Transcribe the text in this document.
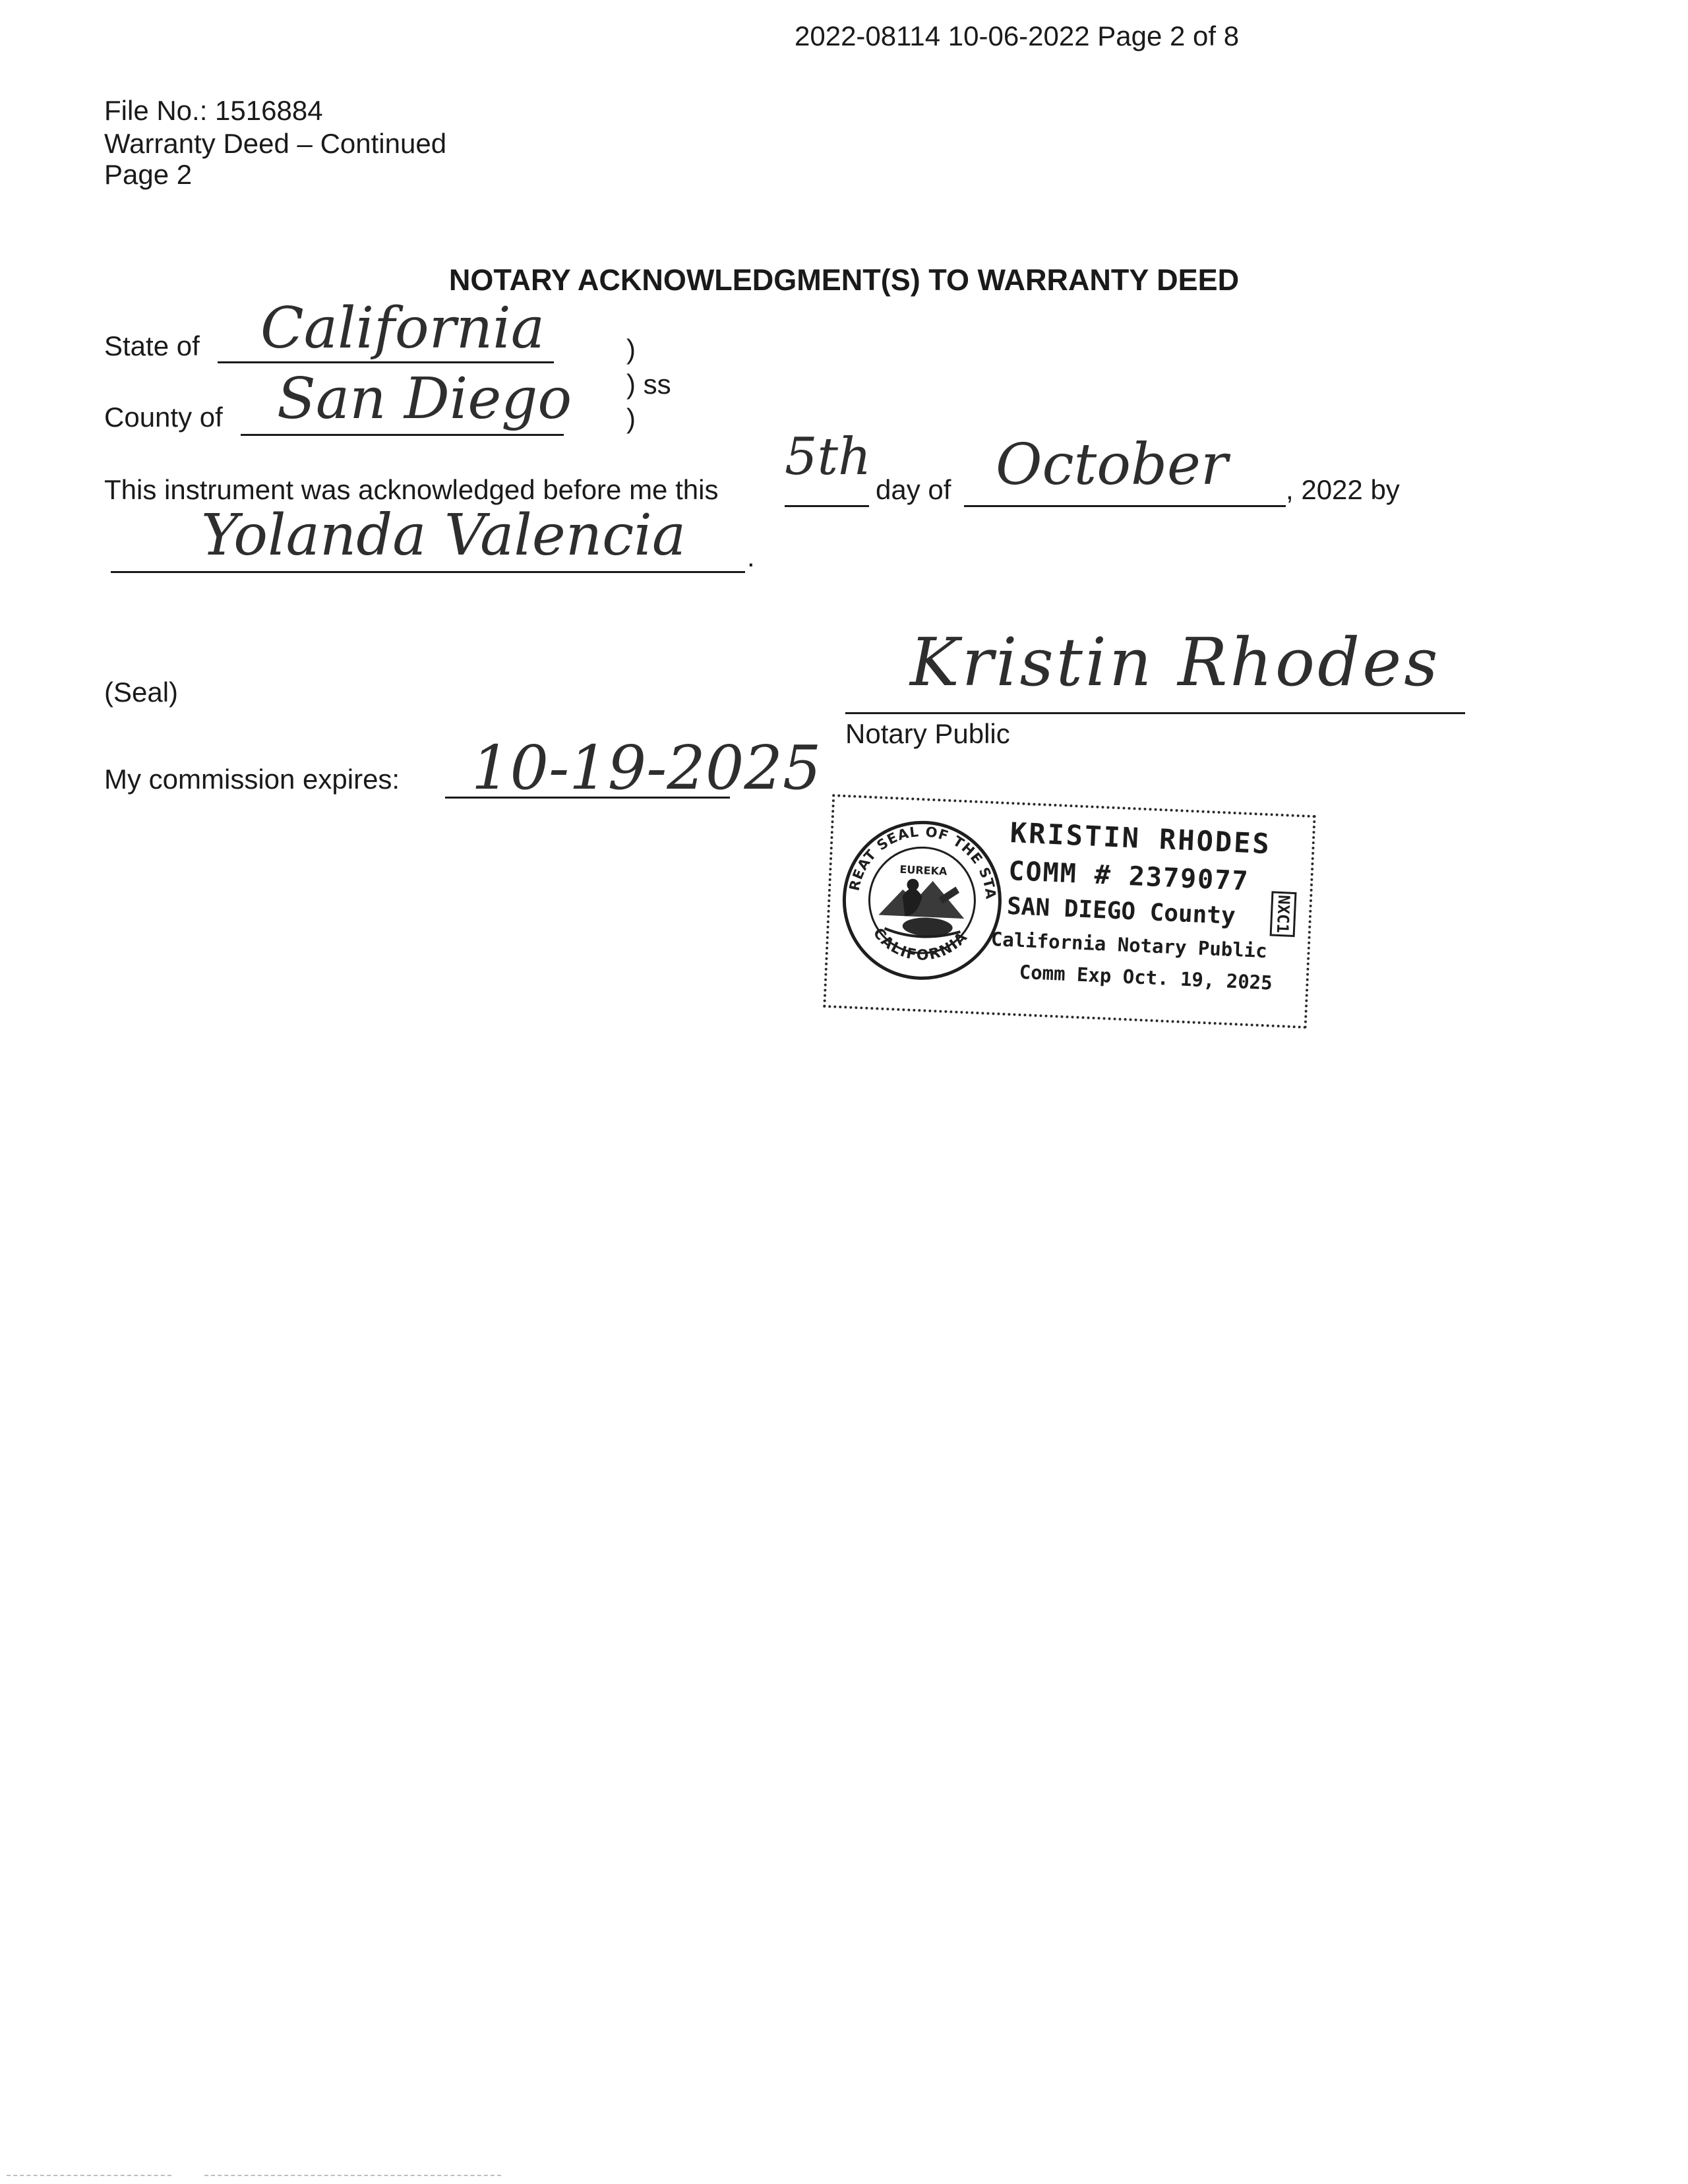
2022-08114 10-06-2022 Page 2 of 8
File No.: 1516884
Warranty Deed – Continued
Page 2
NOTARY ACKNOWLEDGMENT(S) TO WARRANTY DEED
State of California	)
) ss
)
County of San Diego
This instrument was acknowledged before me this
5th
day of October , 2022 by
Yolanda Valencia .
(Seal)	Kristin Rhodes
Notary Public
My commission expires: 10-19-2025
GREAT SEAL OF THE STATE
CALIFORNIA
EUREKA
KRISTIN RHODES
COMM # 2379077
SAN DIEGO County
California Notary Public
Comm Exp Oct. 19, 2025
NXC1
